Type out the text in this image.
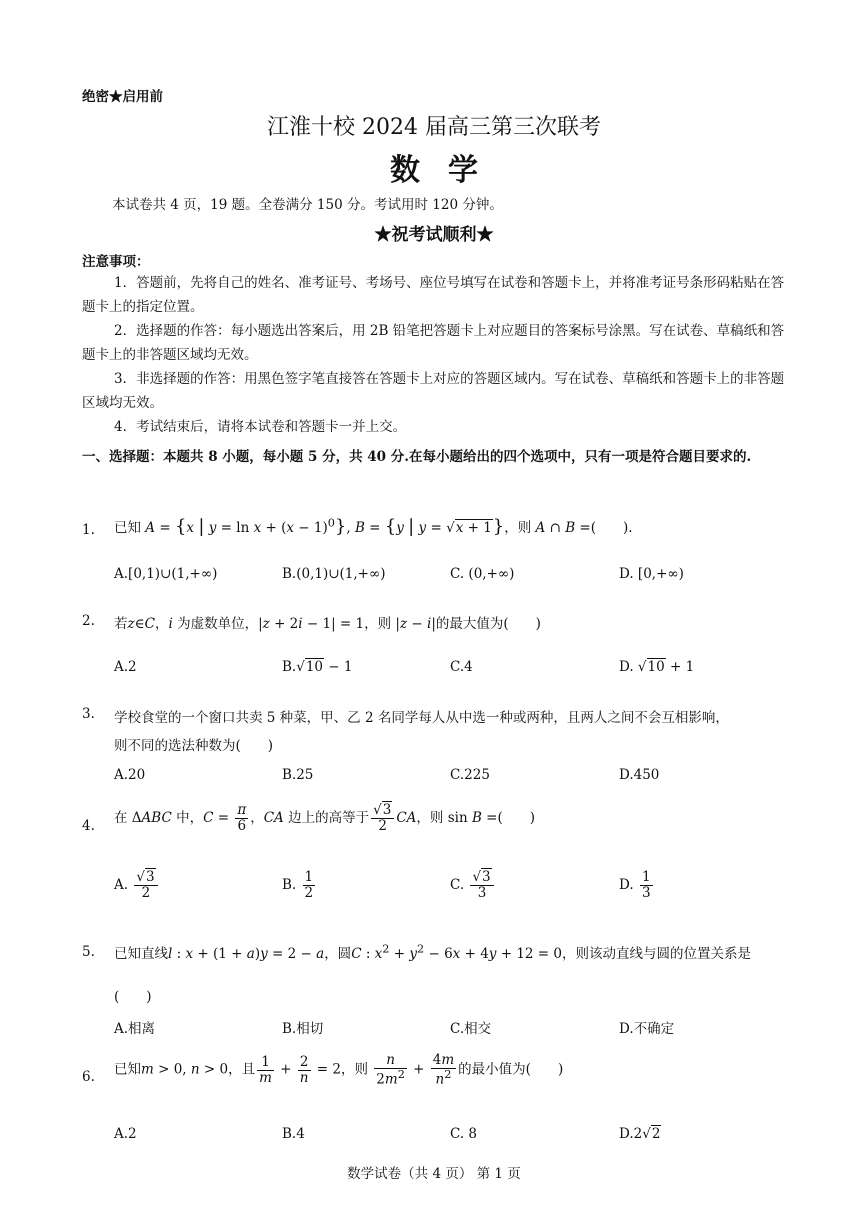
绝密★启用前
江淮十校 2024 届高三第三次联考
数学
本试卷共 4 页，19 题。全卷满分 150 分。考试用时 120 分钟。
★祝考试顺利★
注意事项：
1．答题前，先将自己的姓名、准考证号、考场号、座位号填写在试卷和答题卡上，并将准考证号条形码粘贴在答题卡上的指定位置。
2．选择题的作答：每小题选出答案后，用 2B 铅笔把答题卡上对应题目的答案标号涂黑。写在试卷、草稿纸和答题卡上的非答题区域均无效。
3．非选择题的作答：用黑色签字笔直接答在答题卡上对应的答题区域内。写在试卷、草稿纸和答题卡上的非答题区域均无效。
4．考试结束后，请将本试卷和答题卡一并上交。
一、选择题：本题共 8 小题，每小题 5 分，共 40 分.在每小题给出的四个选项中，只有一项是符合题目要求的.
1. 已知 A = {x | $y = \ln x + (x - 1)^0$}, B = {y | y = √x + 1}，则 A ∩ B =(　　).
A.[0,1)∪(1,+∞)	B.(0,1)∪(1,+∞)	C. (0,+∞)	D. [0,+∞)
2. 若z∈C，i 为虚数单位，|z + 2i − 1| = 1，则 |z − i|的最大值为(　　)
A.2	B.√10 − 1	C.4	D. √10 + 1
3. 学校食堂的一个窗口共卖 5 种菜，甲、乙 2 名同学每人从中选一种或两种，且两人之间不会互相影响，
则不同的选法种数为(　　)
A.20	B.25	C.225	D.450
4.
在 ΔABC 中，$C = \frac{\pi}{6}$ ，CA 边上的高等于 $\frac{√3}{2}$ CA，则 sin B =(　　)
A. $\frac{√3}{2}$	B. $\frac{1}{2}$	C. $\frac{√3}{3}$	D. $\frac{1}{3}$
5. 已知直线l : x + (1 + a)y = 2 − a，圆C : $x^2 + y^2 - 6x + 4y + 12 = 0$，则该动直线与圆的位置关系是
(　　)
A.相离	B.相切	C.相交	D.不确定
6. 已知m > 0, n > 0，且 $\frac{1}{m} + \frac{2}{n} = 2$，则 $\frac{n}{2m^2} + \frac{4m}{n^2}$ 的最小值为(　　)
A.2	B.4	C. 8	D.2√2
数学试卷（共 4 页） 第 1 页
